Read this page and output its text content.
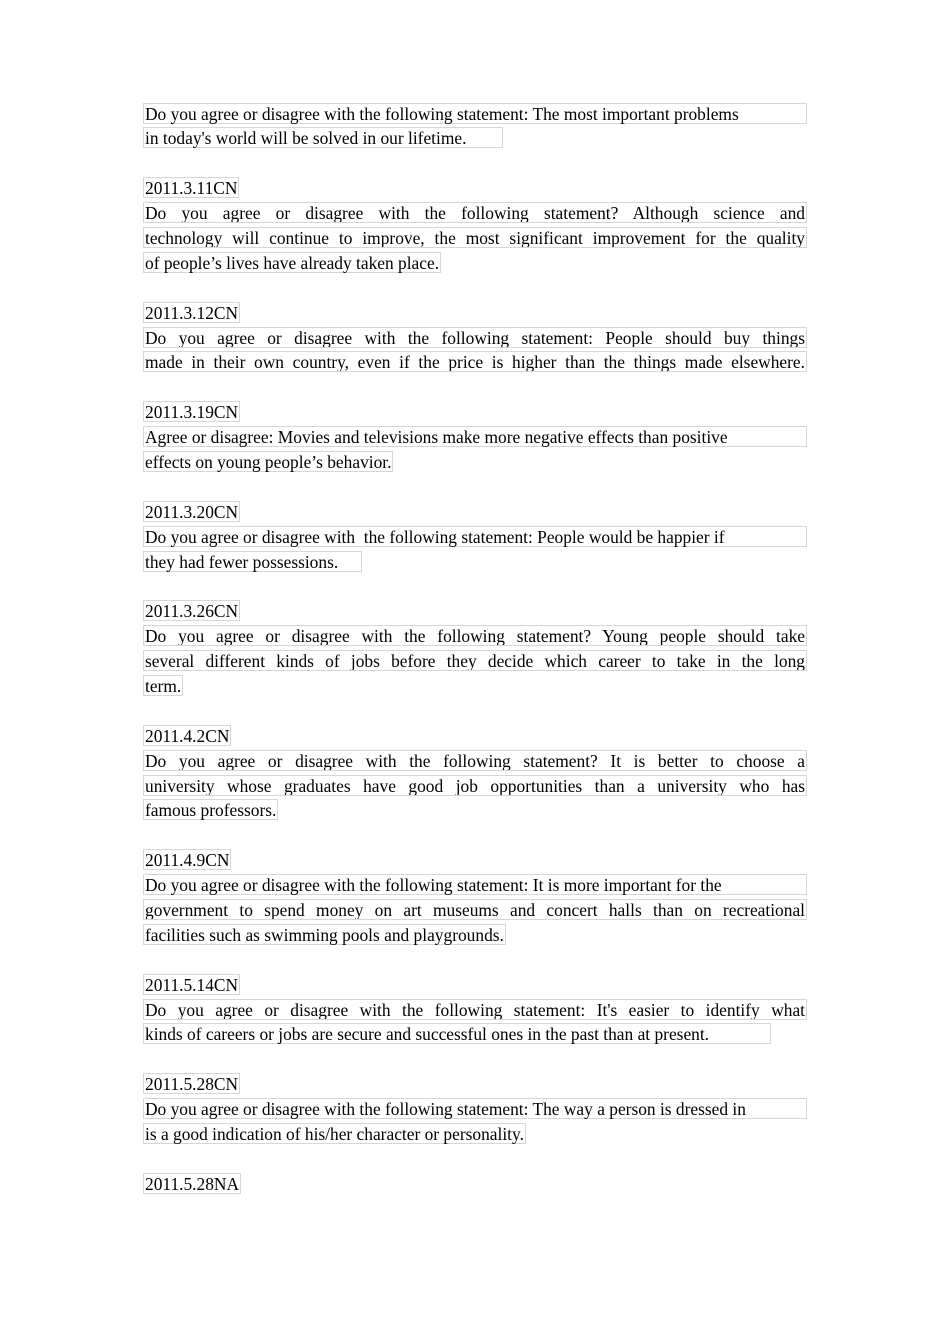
Do you agree or disagree with the following statement: The most important problems
in today's world will be solved in our lifetime.
2011.3.11CN
Do you agree or disagree with the following statement? Although science and
technology will continue to improve, the most significant improvement for the quality
of people’s lives have already taken place.
2011.3.12CN
Do you agree or disagree with the following statement: People should buy things
made in their own country, even if the price is higher than the things made elsewhere.
2011.3.19CN
Agree or disagree: Movies and televisions make more negative effects than positive
effects on young people’s behavior.
2011.3.20CN
Do you agree or disagree with  the following statement: People would be happier if
they had fewer possessions.
2011.3.26CN
Do you agree or disagree with the following statement? Young people should take
several different kinds of jobs before they decide which career to take in the long
term.
2011.4.2CN
Do you agree or disagree with the following statement? It is better to choose a
university whose graduates have good job opportunities than a university who has
famous professors.
2011.4.9CN
Do you agree or disagree with the following statement: It is more important for the
government to spend money on art museums and concert halls than on recreational
facilities such as swimming pools and playgrounds.
2011.5.14CN
Do you agree or disagree with the following statement: It's easier to identify what
kinds of careers or jobs are secure and successful ones in the past than at present.
2011.5.28CN
Do you agree or disagree with the following statement: The way a person is dressed in
is a good indication of his/her character or personality.
2011.5.28NA
